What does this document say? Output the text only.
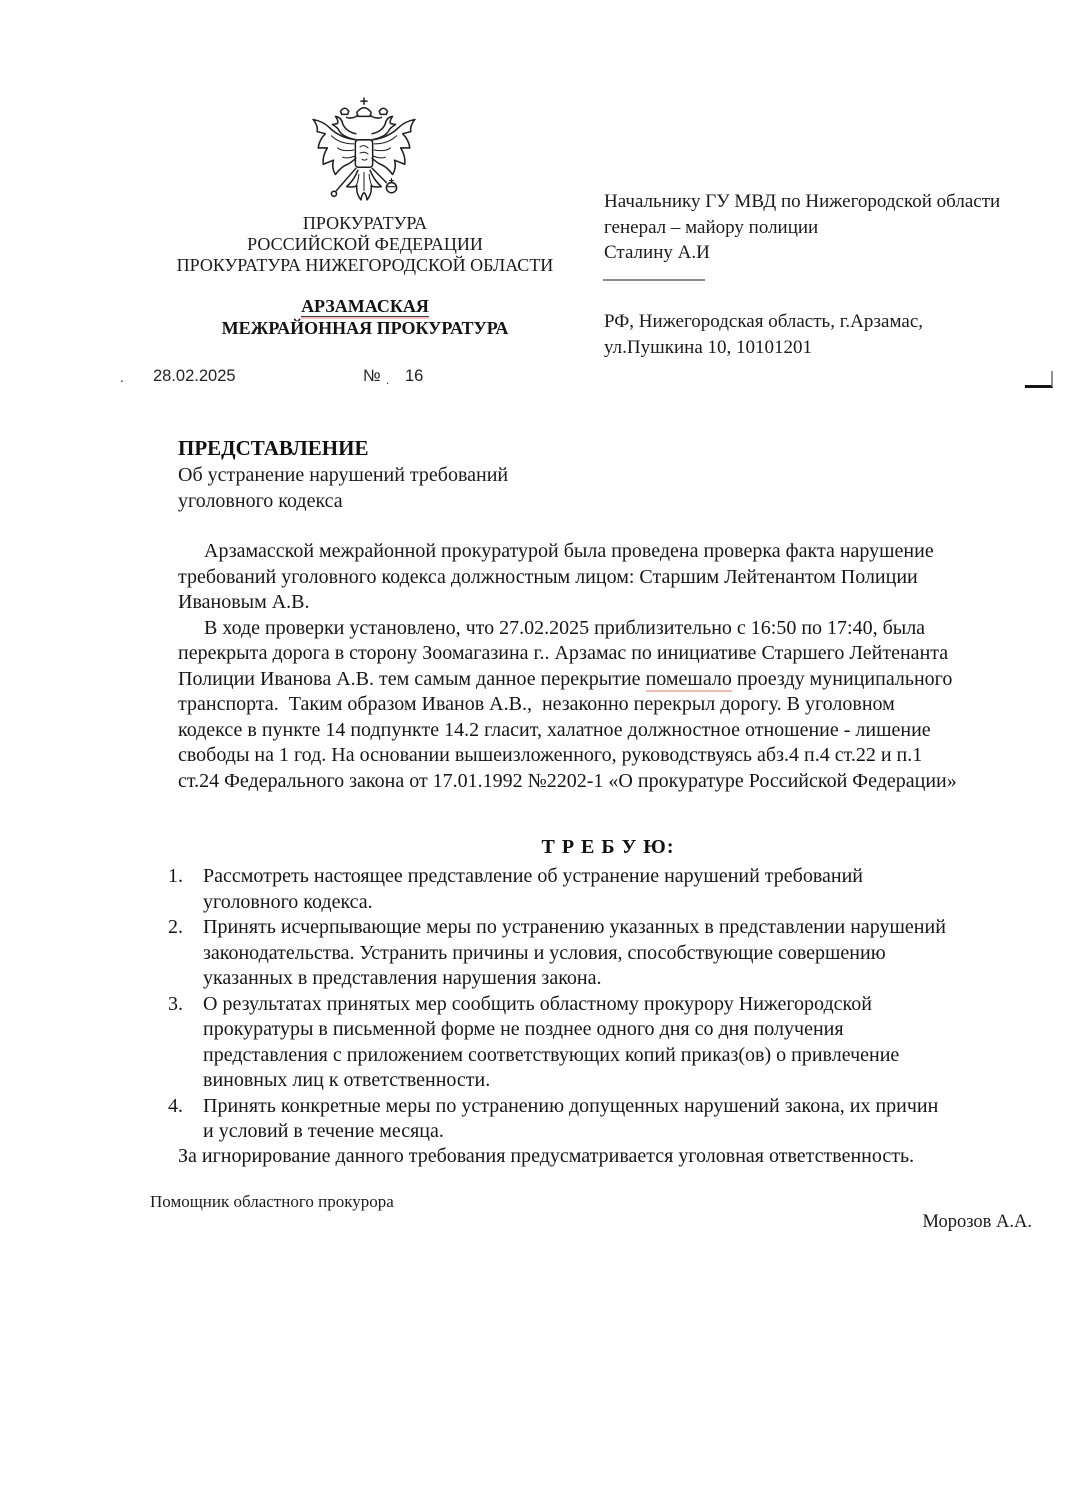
ПРОКУРАТУРА
РОССИЙСКОЙ ФЕДЕРАЦИИ
ПРОКУРАТУРА НИЖЕГОРОДСКОЙ ОБЛАСТИ
АРЗАМАСКАЯ
МЕЖРАЙОННАЯ ПРОКУРАТУРА
. 28.02.2025	№ . 16
Начальнику ГУ МВД по Нижегородской области
генерал – майору полиции
Сталину А.И
РФ, Нижегородская область, г.Арзамас,
ул.Пушкина 10, 10101201
ПРЕДСТАВЛЕНИЕ
Об устранение нарушений требований
уголовного кодекса
Арзамасской межрайонной прокуратурой была проведена проверка факта нарушение
требований уголовного кодекса должностным лицом: Старшим Лейтенантом Полиции
Ивановым А.В.
В ходе проверки установлено, что 27.02.2025 приблизительно с 16:50 по 17:40, была
перекрыта дорога в сторону Зоомагазина г.. Арзамас по инициативе Старшего Лейтенанта
Полиции Иванова А.В. тем самым данное перекрытие помешало проезду муниципального
транспорта.  Таким образом Иванов А.В.,  незаконно перекрыл дорогу. В уголовном
кодексе в пункте 14 подпункте 14.2 гласит, халатное должностное отношение - лишение
свободы на 1 год. На основании вышеизложенного, руководствуясь абз.4 п.4 ст.22 и п.1
ст.24 Федерального закона от 17.01.1992 №2202-1 «О прокуратуре Российской Федерации»
Т Р Е Б У Ю:
1.	Рассмотреть настоящее представление об устранение нарушений требований
уголовного кодекса.
2.	Принять исчерпывающие меры по устранению указанных в представлении нарушений
законодательства. Устранить причины и условия, способствующие совершению
указанных в представления нарушения закона.
3.	О результатах принятых мер сообщить областному прокурору Нижегородской
прокуратуры в письменной форме не позднее одного дня со дня получения
представления с приложением соответствующих копий приказ(ов) о привлечение
виновных лиц к ответственности.
4.	Принять конкретные меры по устранению допущенных нарушений закона, их причин
и условий в течение месяца.
За игнорирование данного требования предусматривается уголовная ответственность.
Помощник областного прокурора
Морозов А.А.
